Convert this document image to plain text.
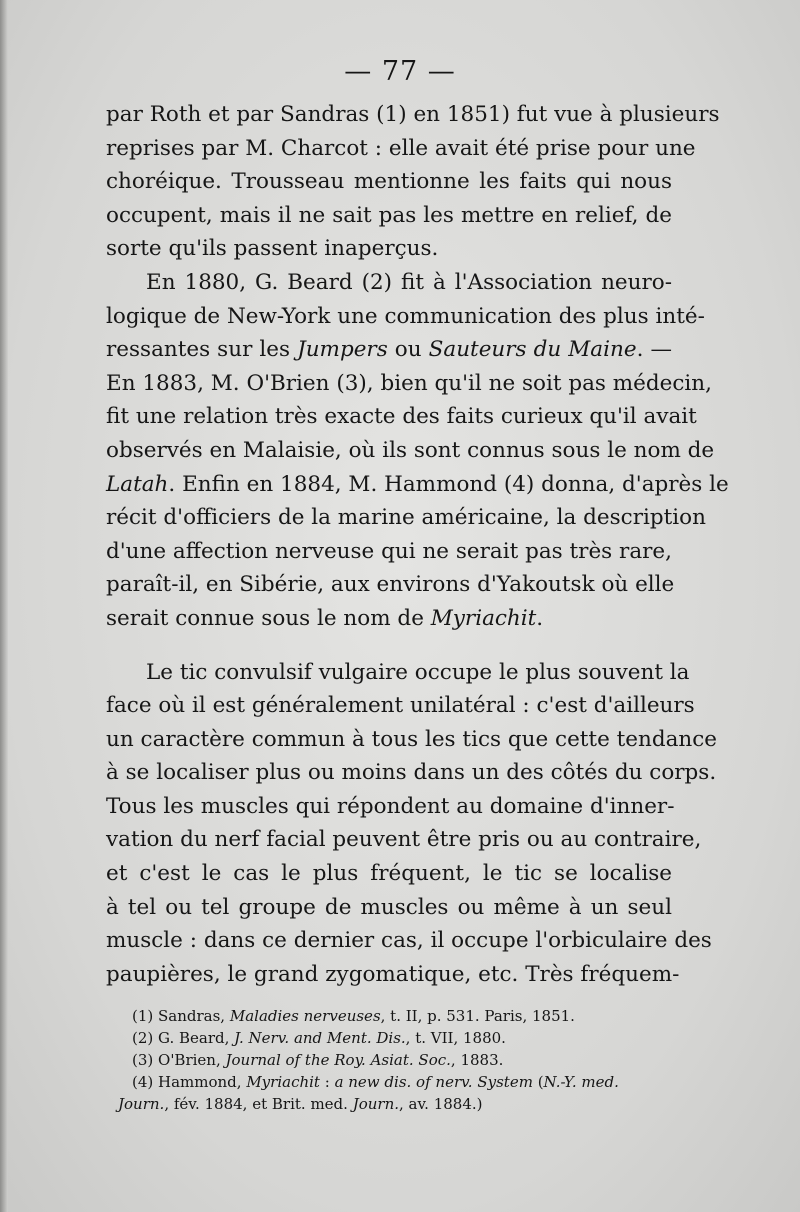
— 77 —
par Roth et par Sandras (1) en 1851) fut vue à plusieurs
reprises par M. Charcot : elle avait été prise pour une
choréique. Trousseau mentionne les faits qui nous
occupent, mais il ne sait pas les mettre en relief, de
sorte qu'ils passent inaperçus.
En 1880, G. Beard (2) fit à l'Association neuro-
logique de New-York une communication des plus inté-
ressantes sur les Jumpers ou Sauteurs du Maine. —
En 1883, M. O'Brien (3), bien qu'il ne soit pas médecin,
fit une relation très exacte des faits curieux qu'il avait
observés en Malaisie, où ils sont connus sous le nom de
Latah. Enfin en 1884, M. Hammond (4) donna, d'après le
récit d'officiers de la marine américaine, la description
d'une affection nerveuse qui ne serait pas très rare,
paraît-il, en Sibérie, aux environs d'Yakoutsk où elle
serait connue sous le nom de Myriachit.
Le tic convulsif vulgaire occupe le plus souvent la
face où il est généralement unilatéral : c'est d'ailleurs
un caractère commun à tous les tics que cette tendance
à se localiser plus ou moins dans un des côtés du corps.
Tous les muscles qui répondent au domaine d'inner-
vation du nerf facial peuvent être pris ou au contraire,
et c'est le cas le plus fréquent, le tic se localise
à tel ou tel groupe de muscles ou même à un seul
muscle : dans ce dernier cas, il occupe l'orbiculaire des
paupières, le grand zygomatique, etc. Très fréquem-
(1) Sandras, Maladies nerveuses, t. II, p. 531. Paris, 1851.
(2) G. Beard, J. Nerv. and Ment. Dis., t. VII, 1880.
(3) O'Brien, Journal of the Roy. Asiat. Soc., 1883.
(4) Hammond, Myriachit : a new dis. of nerv. System (N.-Y. med.
Journ., fév. 1884, et Brit. med. Journ., av. 1884.)
